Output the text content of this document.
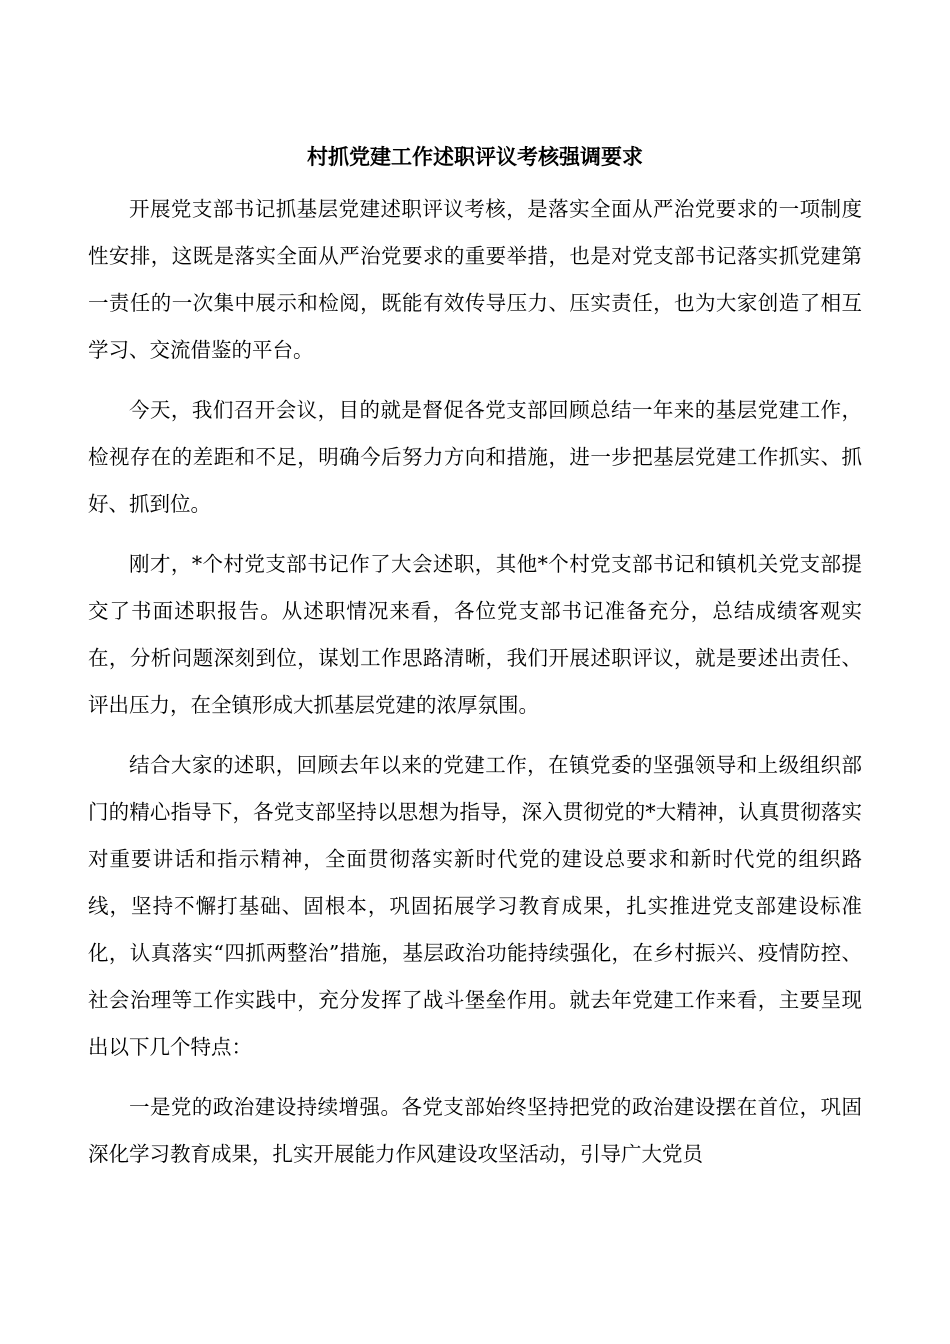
村抓党建工作述职评议考核强调要求

开展党支部书记抓基层党建述职评议考核，是落实全面从严治党要求的一项制度性安排，这既是落实全面从严治党要求的重要举措，也是对党支部书记落实抓党建第一责任的一次集中展示和检阅，既能有效传导压力、压实责任，也为大家创造了相互学习、交流借鉴的平台。

今天，我们召开会议，目的就是督促各党支部回顾总结一年来的基层党建工作，检视存在的差距和不足，明确今后努力方向和措施，进一步把基层党建工作抓实、抓好、抓到位。

刚才，*个村党支部书记作了大会述职，其他*个村党支部书记和镇机关党支部提交了书面述职报告。从述职情况来看，各位党支部书记准备充分，总结成绩客观实在，分析问题深刻到位，谋划工作思路清晰，我们开展述职评议，就是要述出责任、评出压力，在全镇形成大抓基层党建的浓厚氛围。

结合大家的述职，回顾去年以来的党建工作，在镇党委的坚强领导和上级组织部门的精心指导下，各党支部坚持以思想为指导，深入贯彻党的*大精神，认真贯彻落实对重要讲话和指示精神，全面贯彻落实新时代党的建设总要求和新时代党的组织路线，坚持不懈打基础、固根本，巩固拓展学习教育成果，扎实推进党支部建设标准化，认真落实“四抓两整治”措施，基层政治功能持续强化，在乡村振兴、疫情防控、社会治理等工作实践中，充分发挥了战斗堡垒作用。就去年党建工作来看，主要呈现出以下几个特点：

一是党的政治建设持续增强。各党支部始终坚持把党的政治建设摆在首位，巩固深化学习教育成果，扎实开展能力作风建设攻坚活动，引导广大党员
